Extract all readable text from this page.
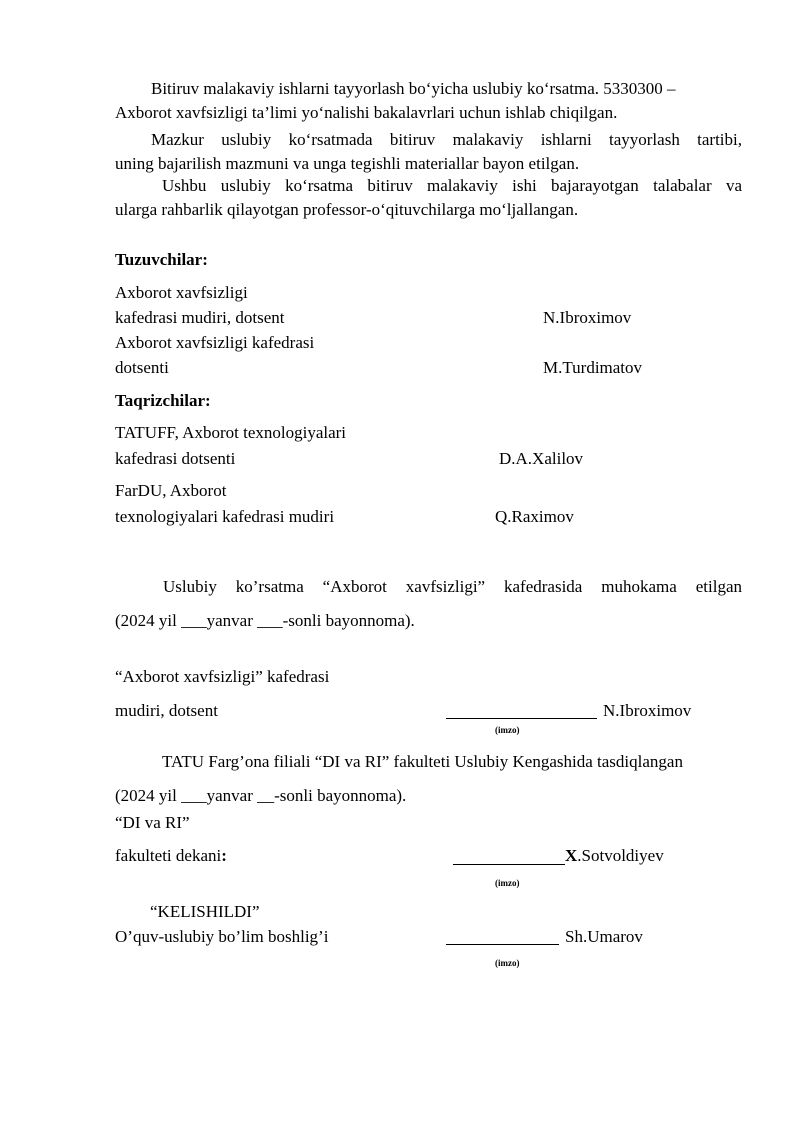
Bitiruv malakaviy ishlarni tayyorlash boʻyicha uslubiy koʻrsatma. 5330300 –
Axborot xavfsizligi ta’limi yoʻnalishi bakalavrlari uchun ishlab chiqilgan.
Mazkur uslubiy koʻrsatmada bitiruv malakaviy ishlarni tayyorlash tartibi,
uning bajarilish mazmuni va unga tegishli materiallar bayon etilgan.
Ushbu uslubiy ko‘rsatma bitiruv malakaviy ishi bajarayotgan talabalar va
ularga rahbarlik qilayotgan professor-o‘qituvchilarga mo‘ljallangan.
Tuzuvchilar:
Axborot xavfsizligi
kafedrasi mudiri, dotsent	N.Ibroximov
Axborot xavfsizligi kafedrasi
dotsenti	M.Turdimatov
Taqrizchilar:
TATUFF, Axborot texnologiyalari
kafedrasi dotsenti	D.A.Xalilov
FarDU, Axborot
texnologiyalari kafedrasi mudiri	Q.Raximov
Uslubiy ko’rsatma “Axborot xavfsizligi” kafedrasida muhokama etilgan
(2024 yil ___yanvar ___-sonli bayonnoma).
“Axborot xavfsizligi” kafedrasi
mudiri, dotsent	N.Ibroximov
(imzo)
TATU Farg’ona filiali “DI va RI” fakulteti Uslubiy Kengashida tasdiqlangan
(2024 yil ___yanvar __-sonli bayonnoma).
“DI va RI”
fakulteti dekani:	X.Sotvoldiyev
(imzo)
“KELISHILDI”
O’quv-uslubiy bo’lim boshlig’i	Sh.Umarov
(imzo)
